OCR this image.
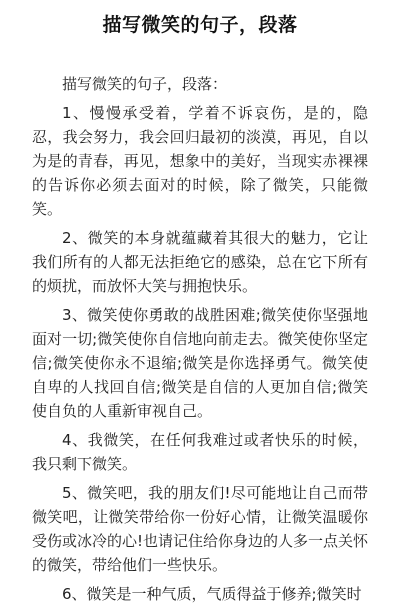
描写微笑的句子，段落

描写微笑的句子，段落：

1、慢慢承受着，学着不诉哀伤，是的，隐忍，我会努力，我会回归最初的淡漠，再见，自以为是的青春，再见，想象中的美好，当现实赤裸裸的告诉你必须去面对的时候，除了微笑，只能微笑。

2、微笑的本身就蕴藏着其很大的魅力，它让我们所有的人都无法拒绝它的感染，总在它下所有的烦扰，而放怀大笑与拥抱快乐。

3、微笑使你勇敢的战胜困难;微笑使你坚强地面对一切;微笑使你自信地向前走去。微笑使你坚定信;微笑使你永不退缩;微笑是你选择勇气。微笑使自卑的人找回自信;微笑是自信的人更加自信;微笑使自负的人重新审视自己。

4、我微笑，在任何我难过或者快乐的时候，我只剩下微笑。

5、微笑吧，我的朋友们!尽可能地让自己而带微笑吧，让微笑带给你一份好心情，让微笑温暖你受伤或冰冷的心!也请记住给你身边的人多一点关怀的微笑，带给他们一些快乐。

6、微笑是一种气质，气质得益于修养;微笑时
